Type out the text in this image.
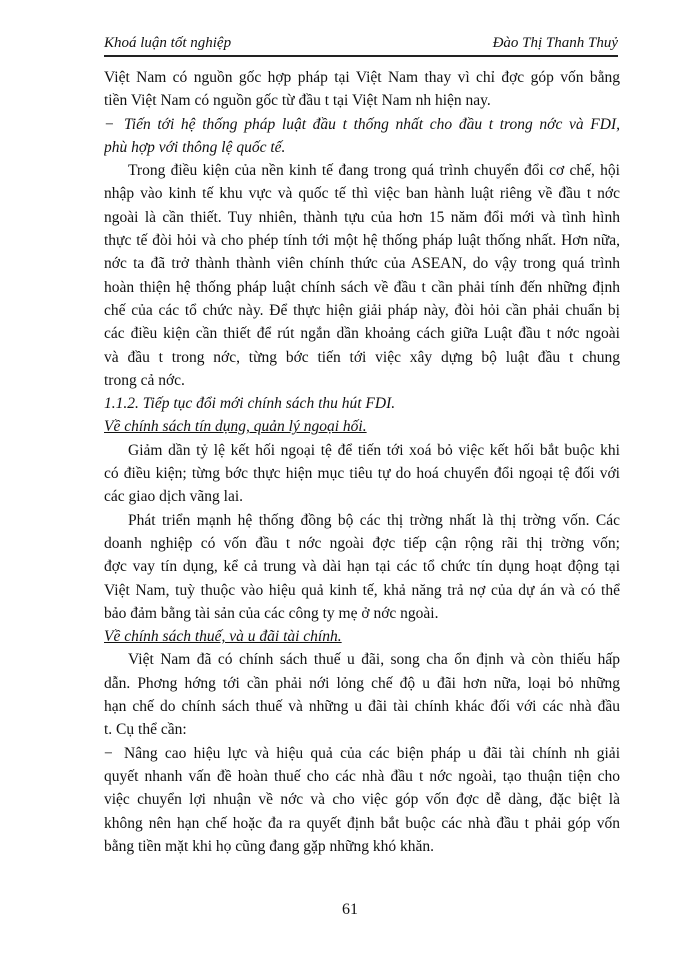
Khoá luận tốt nghiệp	Đào Thị Thanh Thuỷ
Việt Nam có nguồn gốc hợp pháp tại Việt Nam thay vì chỉ đợc góp vốn bằng
tiền Việt Nam có nguồn gốc từ đầu t tại Việt Nam nh hiện nay.
− Tiến tới hệ thống pháp luật đầu t thống nhất cho đầu t trong nớc và FDI,
phù hợp với thông lệ quốc tế.
Trong điều kiện của nền kinh tế đang trong quá trình chuyển đổi cơ chế, hội
nhập vào kinh tế khu vực và quốc tế thì việc ban hành luật riêng về đầu t nớc
ngoài là cần thiết. Tuy nhiên, thành tựu của hơn 15 năm đổi mới và tình hình
thực tế đòi hỏi và cho phép tính tới một hệ thống pháp luật thống nhất. Hơn nữa,
nớc ta đã trở thành thành viên chính thức của ASEAN, do vậy trong quá trình
hoàn thiện hệ thống pháp luật chính sách về đầu t cần phải tính đến những định
chế của các tổ chức này. Để thực hiện giải pháp này, đòi hỏi cần phải chuẩn bị
các điều kiện cần thiết để rút ngắn dần khoảng cách giữa Luật đầu t nớc ngoài
và đầu t trong nớc, từng bớc tiến tới việc xây dựng bộ luật đầu t chung
trong cả nớc.
1.1.2. Tiếp tục đổi mới chính sách thu hút FDI.
Về chính sách tín dụng, quản lý ngoại hối.
Giảm dần tỷ lệ kết hối ngoại tệ để tiến tới xoá bỏ việc kết hối bắt buộc khi
có điều kiện; từng bớc thực hiện mục tiêu tự do hoá chuyển đổi ngoại tệ đối với
các giao dịch vãng lai.
Phát triển mạnh hệ thống đồng bộ các thị trờng nhất là thị trờng vốn. Các
doanh nghiệp có vốn đầu t nớc ngoài đợc tiếp cận rộng rãi thị trờng vốn;
đợc vay tín dụng, kể cả trung và dài hạn tại các tổ chức tín dụng hoạt động tại
Việt Nam, tuỳ thuộc vào hiệu quả kinh tế, khả năng trả nợ của dự án và có thể
bảo đảm bằng tài sản của các công ty mẹ ở nớc ngoài.
Về chính sách thuế, và u đãi tài chính.
Việt Nam đã có chính sách thuế u đãi, song cha ổn định và còn thiếu hấp
dẫn. Phơng hớng tới cần phải nới lỏng chế độ u đãi hơn nữa, loại bỏ những
hạn chế do chính sách thuế và những u đãi tài chính khác đối với các nhà đầu
t. Cụ thể cần:
− Nâng cao hiệu lực và hiệu quả của các biện pháp u đãi tài chính nh giải
quyết nhanh vấn đề hoàn thuế cho các nhà đầu t nớc ngoài, tạo thuận tiện cho
việc chuyển lợi nhuận về nớc và cho việc góp vốn đợc dễ dàng, đặc biệt là
không nên hạn chế hoặc đa ra quyết định bắt buộc các nhà đầu t phải góp vốn
bằng tiền mặt khi họ cũng đang gặp những khó khăn.
61
